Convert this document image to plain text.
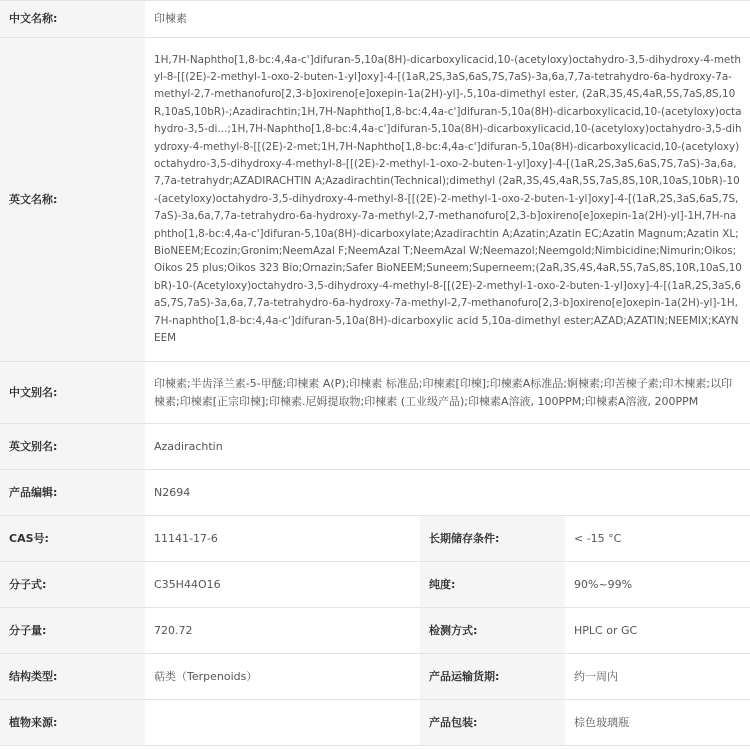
中文名称:	印楝素		
英文名称:	1H,7H-Naphtho[1,8-bc:4,4a-c']difuran-5,10a(8H)-dicarboxylicacid,10-(acetyloxy)octahydro-3,5-dihydroxy-4-methyl-8-[[(2E)-2-methyl-1-oxo-2-buten-1-yl]oxy]-4-[(1aR,2S,3aS,6aS,7S,7aS)-3a,6a,7,7a-tetrahydro-6a-hydroxy-7a-methyl-2,7-methanofuro[2,3-b]oxireno[e]oxepin-1a(2H)-yl]-,5,10a-dimethyl ester, (2aR,3S,4S,4aR,5S,7aS,8S,10R,10aS,10bR)-;Azadirachtin;1H,7H-Naphtho[1,8-bc:4,4a-c']difuran-5,10a(8H)-dicarboxylicacid,10-(acetyloxy)octahydro-3,5-di...;1H,7H-Naphtho[1,8-bc:4,4a-c']difuran-5,10a(8H)-dicarboxylicacid,10-(acetyloxy)octahydro-3,5-dihydroxy-4-methyl-8-[[(2E)-2-met;1H,7H-Naphtho[1,8-bc:4,4a-c']difuran-5,10a(8H)-dicarboxylicacid,10-(acetyloxy)octahydro-3,5-dihydroxy-4-methyl-8-[[(2E)-2-methyl-1-oxo-2-buten-1-yl]oxy]-4-[(1aR,2S,3aS,6aS,7S,7aS)-3a,6a,7,7a-tetrahydr;AZADIRACHTIN A;Azadirachtin(Technical);dimethyl (2aR,3S,4S,4aR,5S,7aS,8S,10R,10aS,10bR)-10-(acetyloxy)octahydro-3,5-dihydroxy-4-methyl-8-[[(2E)-2-methyl-1-oxo-2-buten-1-yl]oxy]-4-[(1aR,2S,3aS,6aS,7S,7aS)-3a,6a,7,7a-tetrahydro-6a-hydroxy-7a-methyl-2,7-methanofuro[2,3-b]oxireno[e]oxepin-1a(2H)-yl]-1H,7H-naphtho[1,8-bc:4,4a-c']difuran-5,10a(8H)-dicarboxylate;Azadirachtin A;Azatin;Azatin EC;Azatin Magnum;Azatin XL;BioNEEM;Ecozin;Gronim;NeemAzal F;NeemAzal T;NeemAzal W;Neemazol;Neemgold;Nimbicidine;Nimurin;Oikos;Oikos 25 plus;Oikos 323 Bio;Ornazin;Safer BioNEEM;Suneem;Superneem;(2aR,3S,4S,4aR,5S,7aS,8S,10R,10aS,10bR)-10-(Acetyloxy)octahydro-3,5-dihydroxy-4-methyl-8-[[(2E)-2-methyl-1-oxo-2-buten-1-yl]oxy]-4-[(1aR,2S,3aS,6aS,7S,7aS)-3a,6a,7,7a-tetrahydro-6a-hydroxy-7a-methyl-2,7-methanofuro[2,3-b]oxireno[e]oxepin-1a(2H)-yl]-1H,7H-naphtho[1,8-bc:4,4a-c']difuran-5,10a(8H)-dicarboxylic acid 5,10a-dimethyl ester;AZAD;AZATIN;NEEMIX;KAYNEEM		
中文别名:	印楝素;半齿泽兰素-5-甲醚;印楝素 A(P);印楝素 标准品;印楝素[印楝];印楝素A标准品;婀楝素;印苦楝子素;印木楝素;以印楝素;印楝素[正宗印楝];印楝素.尼姆提取物;印楝素 (工业级产品);印楝素A溶液, 100PPM;印楝素A溶液, 200PPM		
英文别名:	Azadirachtin		
产品编辑:	N2694		
CAS号:	11141-17-6	长期储存条件:	< -15 °C
分子式:	C35H44O16	纯度:	90%~99%
分子量:	720.72	检测方式:	HPLC or GC
结构类型:	萜类（Terpenoids）	产品运输货期:	约一周内
植物来源:		产品包装:	棕色玻璃瓶
